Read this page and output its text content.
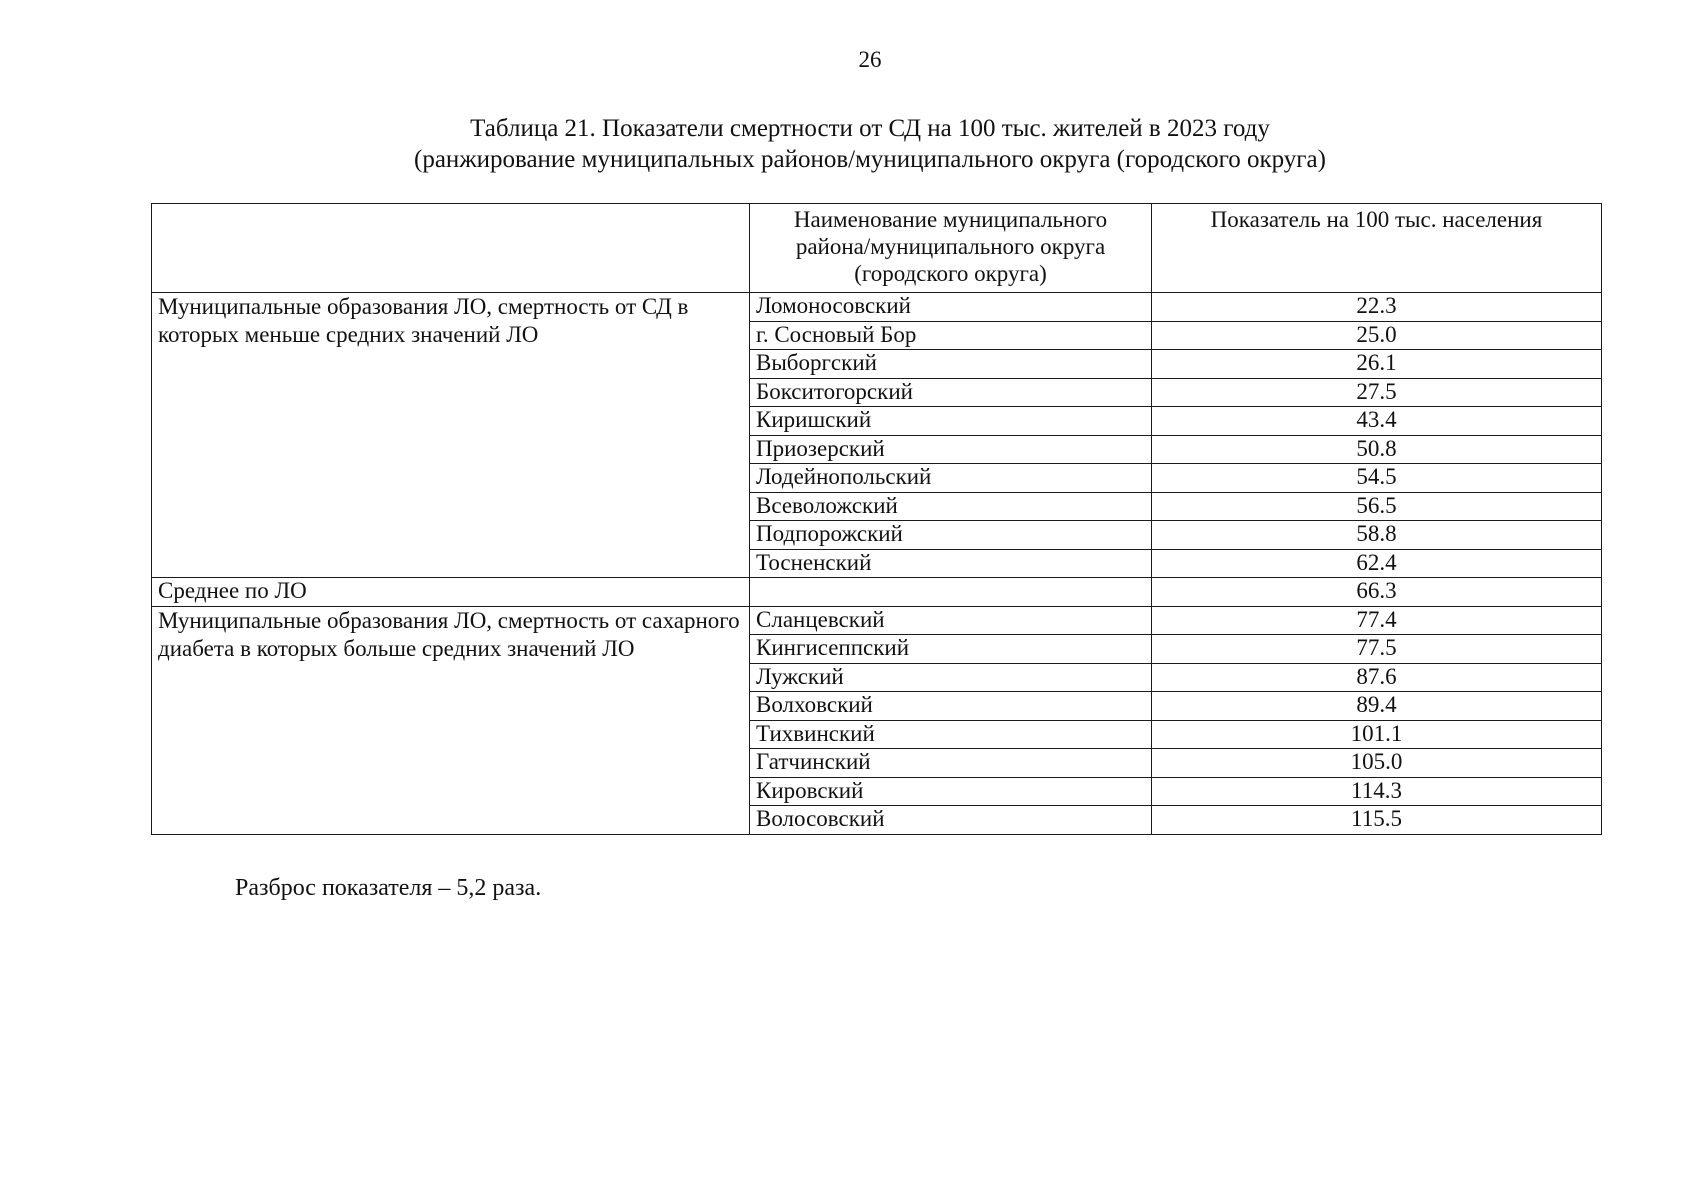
26
Таблица 21. Показатели смертности от СД на 100 тыс. жителей в 2023 году
(ранжирование муниципальных районов/муниципального округа (городского округа)
	Наименование муниципального района/муниципального округа (городского округа)	Показатель на 100 тыс. населения
Муниципальные образования ЛО, смертность от СД в которых меньше средних значений ЛО	Ломоносовский	22.3
	г. Сосновый Бор	25.0
	Выборгский	26.1
	Бокситогорский	27.5
	Киришский	43.4
	Приозерский	50.8
	Лодейнопольский	54.5
	Всеволожский	56.5
	Подпорожский	58.8
	Тосненский	62.4
Среднее по ЛО		66.3
Муниципальные образования ЛО, смертность от сахарного диабета в которых больше средних значений ЛО	Сланцевский	77.4
	Кингисеппский	77.5
	Лужский	87.6
	Волховский	89.4
	Тихвинский	101.1
	Гатчинский	105.0
	Кировский	114.3
	Волосовский	115.5
Разброс показателя – 5,2 раза.
